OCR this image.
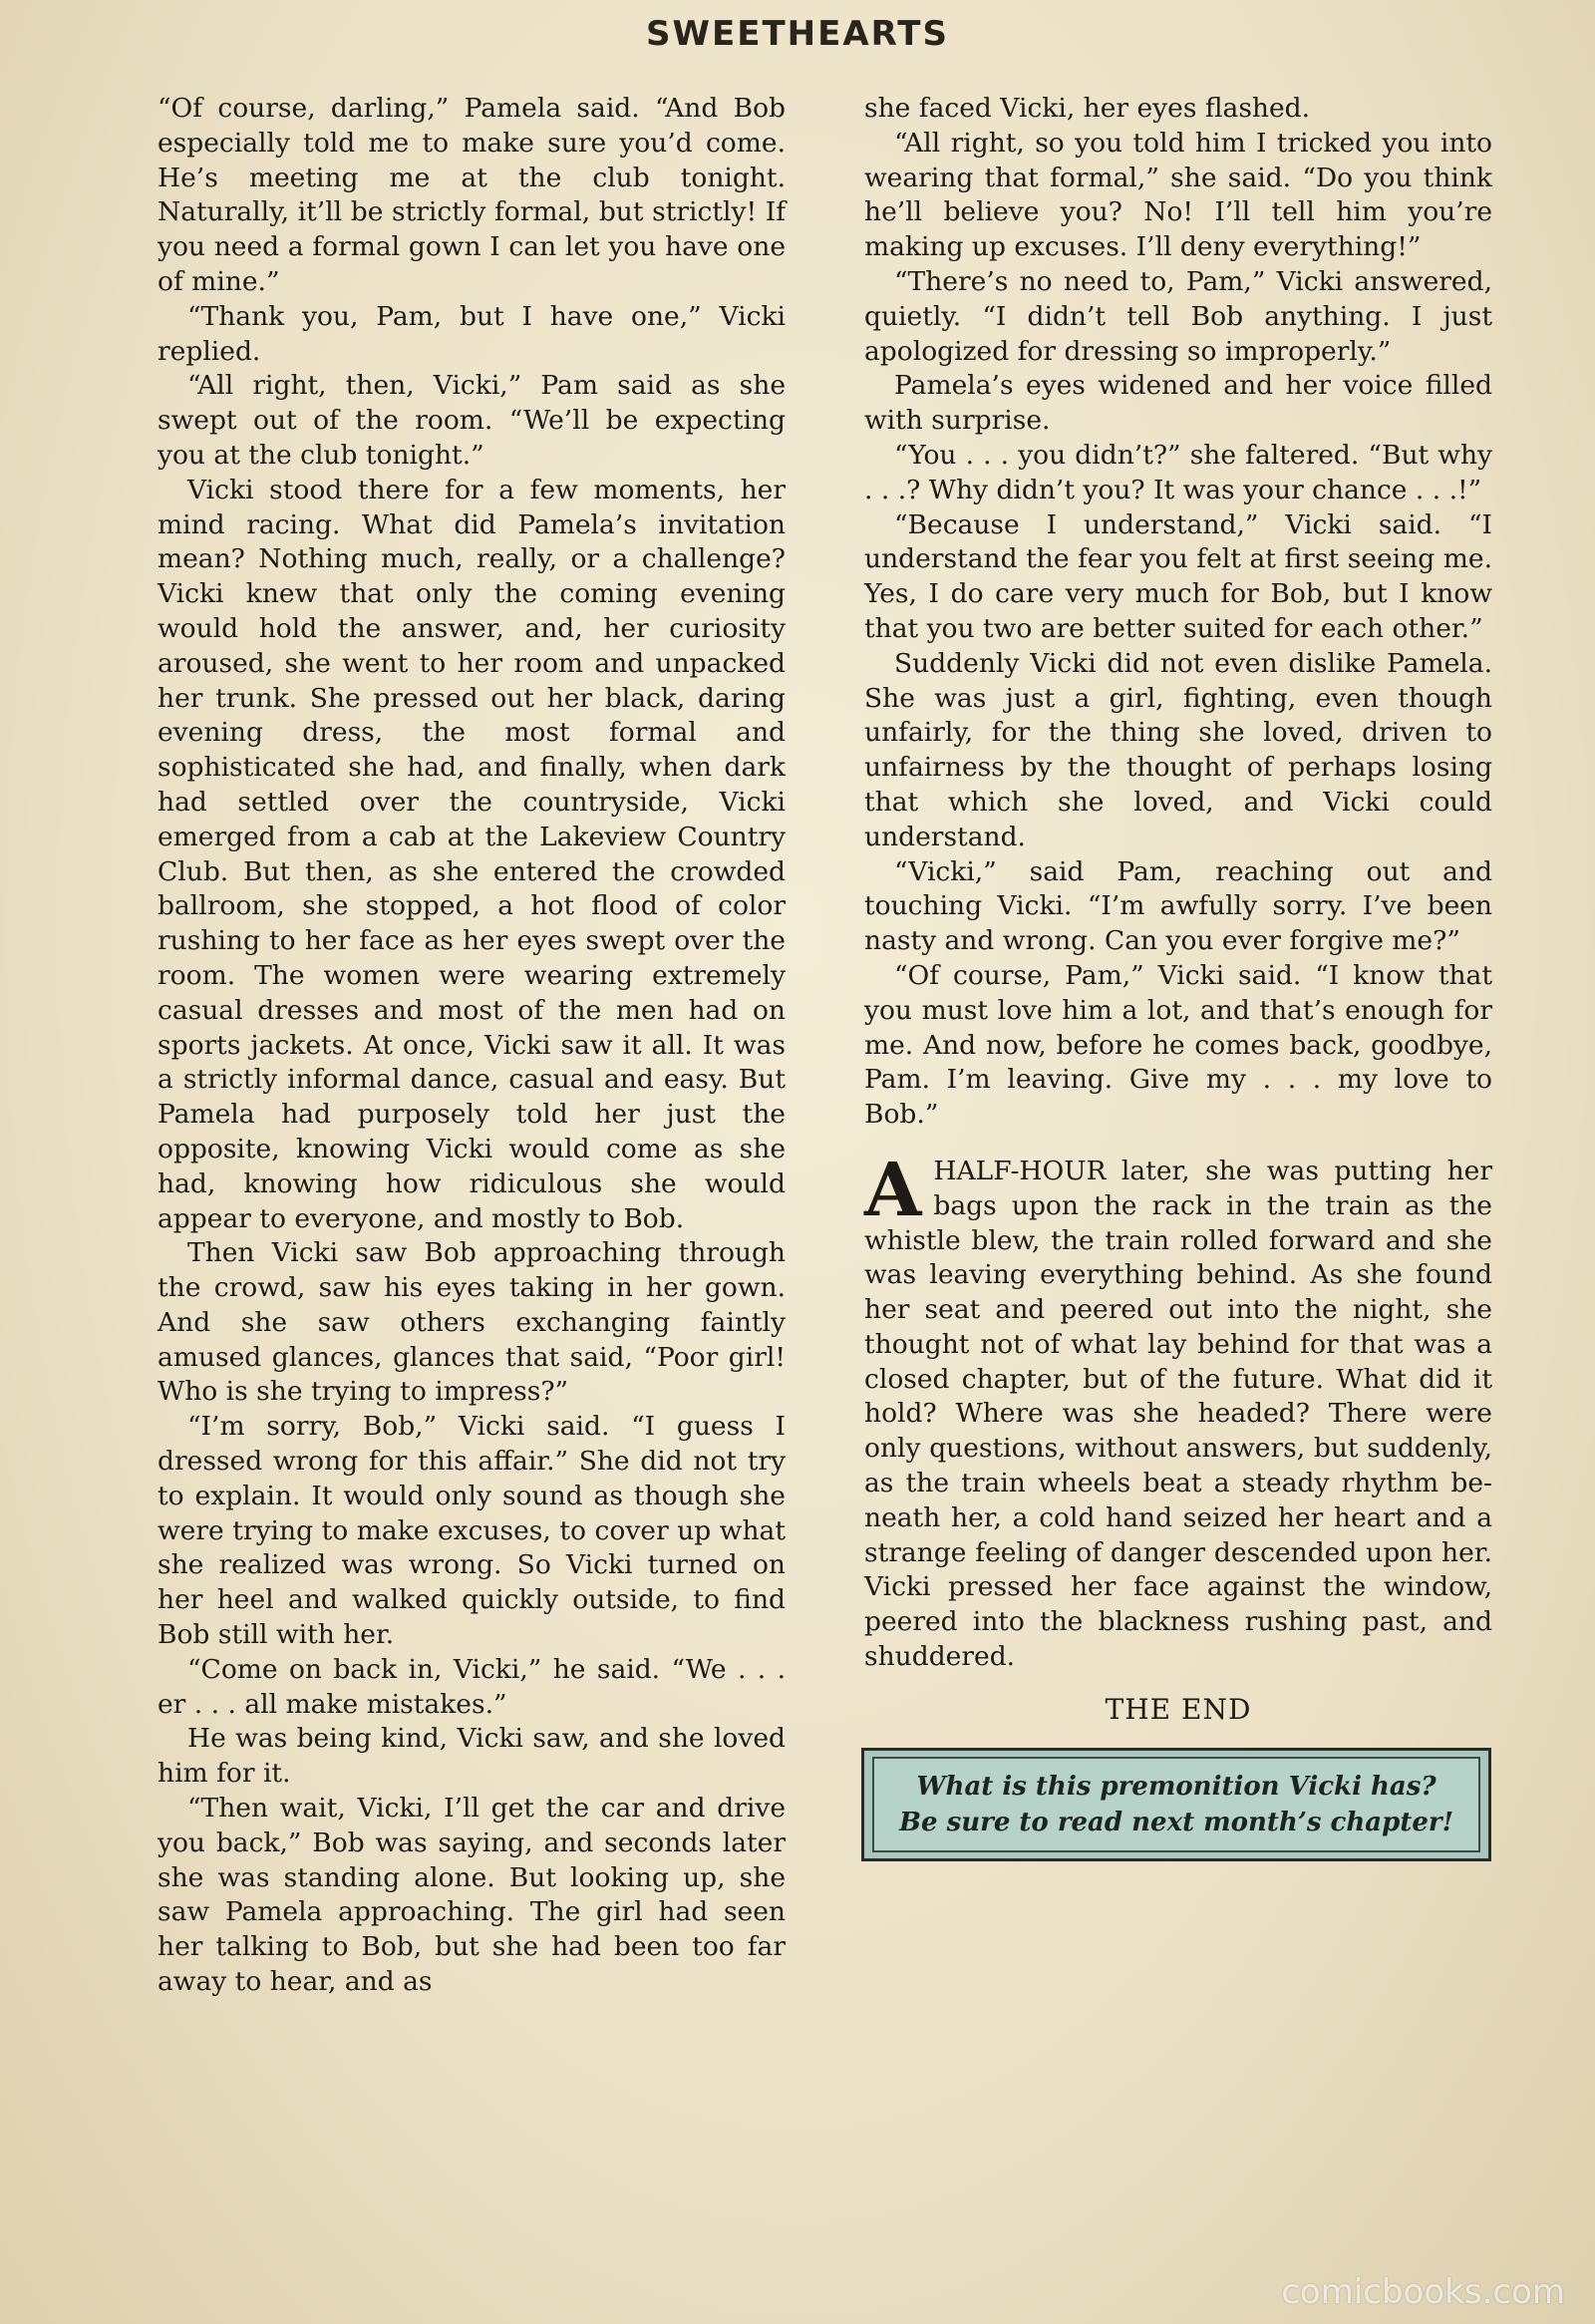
SWEETHEARTS

“Of course, darling,” Pamela said. “And Bob especially told me to make sure you’d come. He’s meeting me at the club tonight. Naturally, it’ll be strictly formal, but strictly! If you need a formal gown I can let you have one of mine.”

“Thank you, Pam, but I have one,” Vicki replied.

“All right, then, Vicki,” Pam said as she swept out of the room. “We’ll be expecting you at the club tonight.”

Vicki stood there for a few moments, her mind racing. What did Pamela’s invitation mean? Nothing much, really, or a challenge? Vicki knew that only the coming evening would hold the answer, and, her curiosity aroused, she went to her room and unpacked her trunk. She pressed out her black, daring evening dress, the most formal and sophisticated she had, and finally, when dark had settled over the countryside, Vicki emerged from a cab at the Lakeview Country Club. But then, as she entered the crowded ballroom, she stopped, a hot flood of color rushing to her face as her eyes swept over the room. The women were wearing extremely casual dresses and most of the men had on sports jackets. At once, Vicki saw it all. It was a strictly informal dance, casual and easy. But Pamela had purposely told her just the opposite, knowing Vicki would come as she had, knowing how ridiculous she would appear to everyone, and mostly to Bob.

Then Vicki saw Bob approaching through the crowd, saw his eyes taking in her gown. And she saw others exchanging faintly amused glances, glances that said, “Poor girl! Who is she trying to impress?”

“I’m sorry, Bob,” Vicki said. “I guess I dressed wrong for this affair.” She did not try to explain. It would only sound as though she were trying to make excuses, to cover up what she realized was wrong. So Vicki turned on her heel and walked quickly outside, to find Bob still with her.

“Come on back in, Vicki,” he said. “We . . . er . . . all make mistakes.”

He was being kind, Vicki saw, and she loved him for it.

“Then wait, Vicki, I’ll get the car and drive you back,” Bob was saying, and seconds later she was standing alone. But looking up, she saw Pamela approaching. The girl had seen her talking to Bob, but she had been too far away to hear, and as

she faced Vicki, her eyes flashed.

“All right, so you told him I tricked you into wearing that formal,” she said. “Do you think he’ll believe you? No! I’ll tell him you’re making up excuses. I’ll deny everything!”

“There’s no need to, Pam,” Vicki answered, quietly. “I didn’t tell Bob anything. I just apologized for dressing so improperly.”

Pamela’s eyes widened and her voice filled with surprise.

“You . . . you didn’t?” she faltered. “But why . . .? Why didn’t you? It was your chance . . .!”

“Because I understand,” Vicki said. “I understand the fear you felt at first seeing me. Yes, I do care very much for Bob, but I know that you two are better suited for each other.”

Suddenly Vicki did not even dislike Pamela. She was just a girl, fighting, even though unfairly, for the thing she loved, driven to unfairness by the thought of perhaps losing that which she loved, and Vicki could understand.

“Vicki,” said Pam, reaching out and touching Vicki. “I’m awfully sorry. I’ve been nasty and wrong. Can you ever forgive me?”

“Of course, Pam,” Vicki said. “I know that you must love him a lot, and that’s enough for me. And now, before he comes back, goodbye, Pam. I’m leaving. Give my . . . my love to Bob.”

AHALF-HOUR later, she was putting her bags upon the rack in the train as the whistle blew, the train rolled forward and she was leaving everything behind. As she found her seat and peered out into the night, she thought not of what lay behind for that was a closed chapter, but of the future. What did it hold? Where was she headed? There were only questions, without answers, but suddenly, as the train wheels beat a steady rhythm beneath her, a cold hand seized her heart and a strange feeling of danger descended upon her. Vicki pressed her face against the window, peered into the blackness rushing past, and shuddered.

THE END
What is this premonition Vicki has?
Be sure to read next month’s chapter!
comicbooks.com
